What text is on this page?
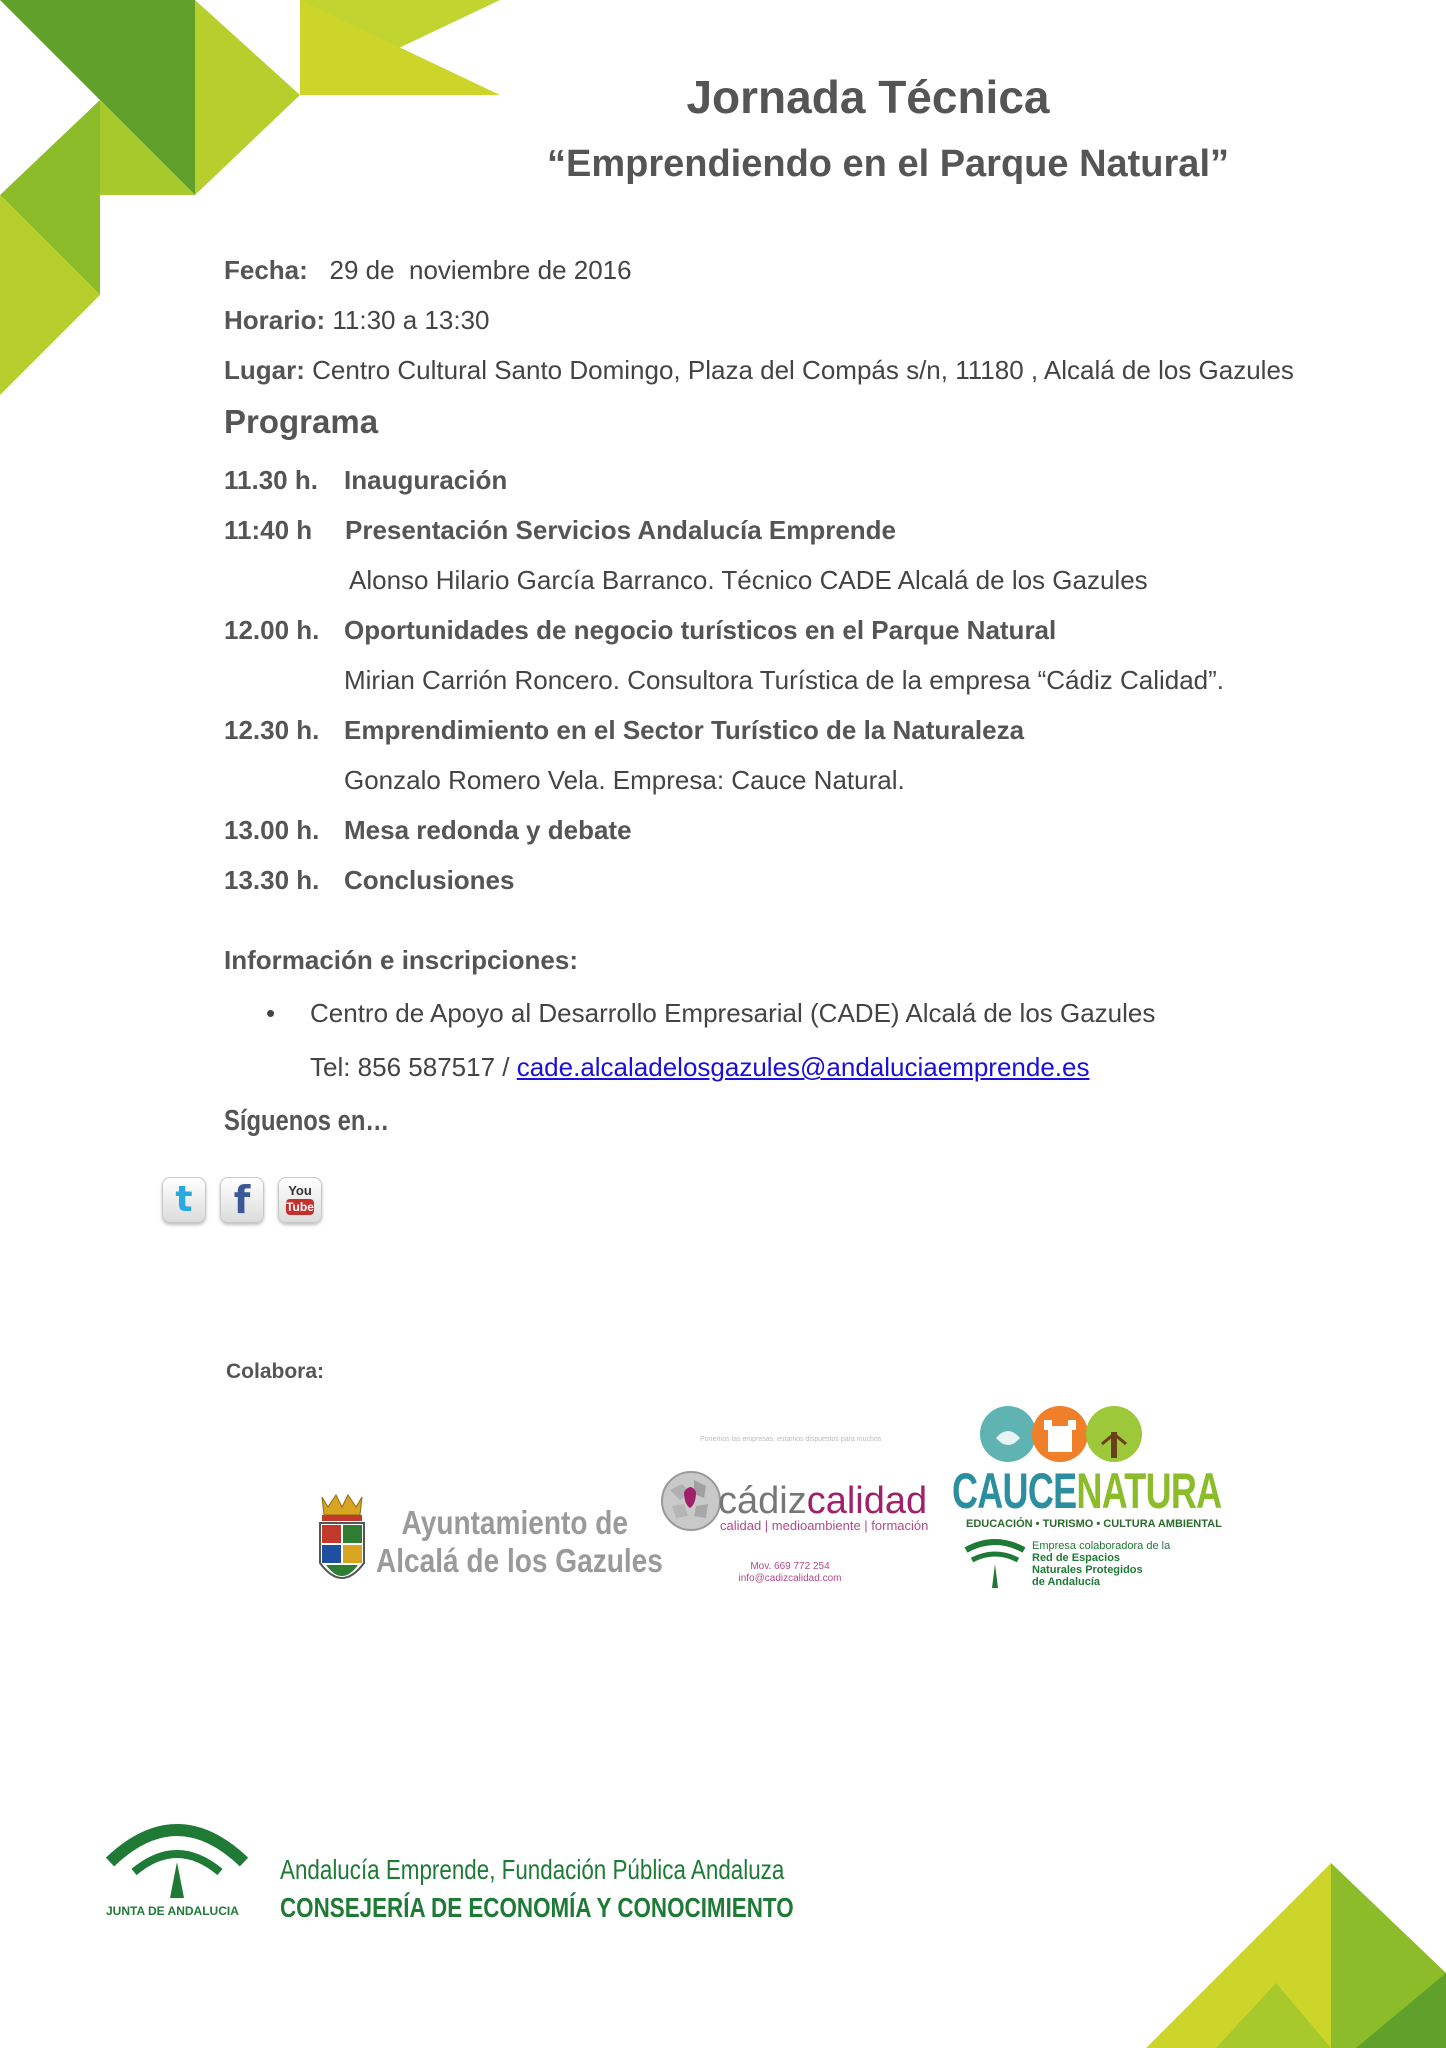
Jornada Técnica
“Emprendiendo en el Parque Natural”
Fecha: 29 de  noviembre de 2016
Horario: 11:30 a 13:30
Lugar: Centro Cultural Santo Domingo, Plaza del Compás s/n, 11180 , Alcalá de los Gazules
Programa
11.30 h. Inauguración
11:40 h Presentación Servicios Andalucía Emprende
Alonso Hilario García Barranco. Técnico CADE Alcalá de los Gazules
12.00 h. Oportunidades de negocio turísticos en el Parque Natural
Mirian Carrión Roncero. Consultora Turística de la empresa “Cádiz Calidad”.
12.30 h. Emprendimiento en el Sector Turístico de la Naturaleza
Gonzalo Romero Vela. Empresa: Cauce Natural.
13.00 h. Mesa redonda y debate
13.30 h. Conclusiones
Información e inscripciones:
• Centro de Apoyo al Desarrollo Empresarial (CADE) Alcalá de los Gazules
Tel: 856 587517 / cade.alcaladelosgazules@andaluciaemprende.es
Síguenos en…
t	f	You
Tube
Colabora:
Ayuntamiento de
Alcalá de los Gazules
Ponemos las empresas, estamos dispuestos para muchos
cádizcalidad
calidad | medioambiente | formación
Mov. 669 772 254
info@cadizcalidad.com
CAUCENATURA
EDUCACIÓN • TURISMO • CULTURA AMBIENTAL
Empresa colaboradora de la
Red de Espacios
Naturales Protegidos
de Andalucía
JUNTA DE ANDALUCIA
Andalucía Emprende, Fundación Pública Andaluza
CONSEJERÍA DE ECONOMÍA Y CONOCIMIENTO
